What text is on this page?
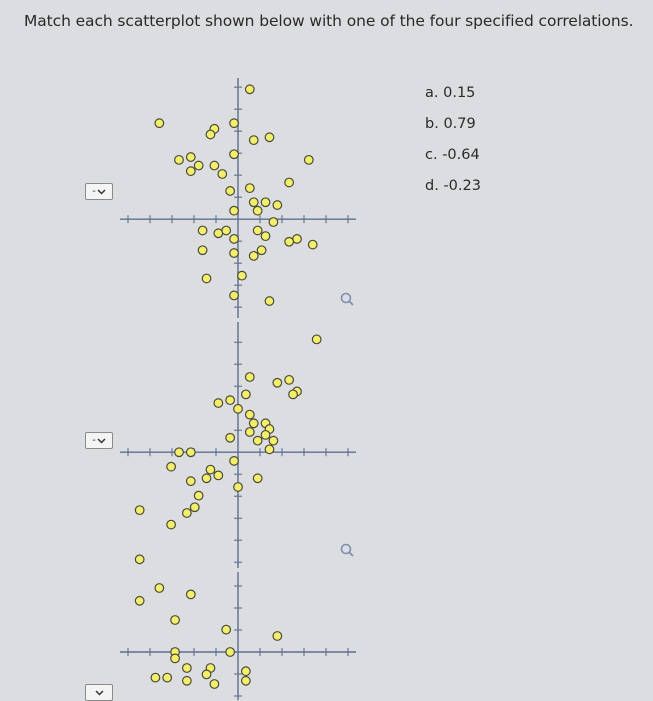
Match each scatterplot shown below with one of the four specified correlations.
a. 0.15
b. 0.79
c. -0.64
d. -0.23
-
-
